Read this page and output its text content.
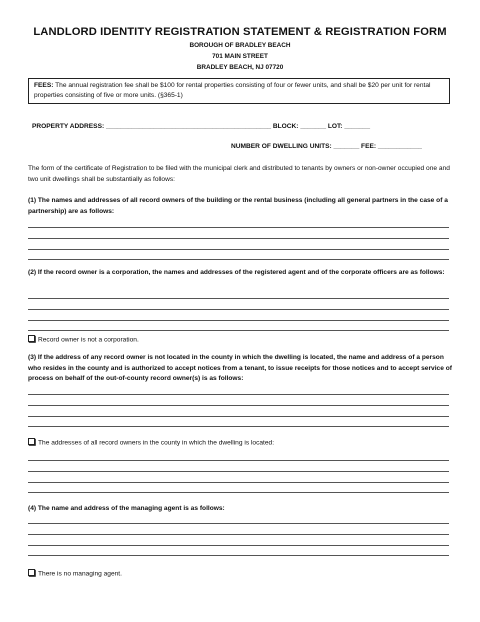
LANDLORD IDENTITY REGISTRATION STATEMENT & REGISTRATION FORM
BOROUGH OF BRADLEY BEACH
701 MAIN STREET
BRADLEY BEACH, NJ 07720
FEES: The annual registration fee shall be $100 for rental properties consisting of four or fewer units, and shall be $20 per unit for rental properties consisting of five or more units. (§365-1)
PROPERTY ADDRESS: _____________________________________________ BLOCK: _______ LOT: _______
NUMBER OF DWELLING UNITS: _______ FEE: ____________
The form of the certificate of Registration to be filed with the municipal clerk and distributed to tenants by owners or non-owner occupied one and two unit dwellings shall be substantially as follows:
(1) The names and addresses of all record owners of the building or the rental business (including all general partners in the case of a partnership) are as follows:
(2) If the record owner is a corporation, the names and addresses of the registered agent and of the corporate officers are as follows:
Record owner is not a corporation.
(3) If the address of any record owner is not located in the county in which the dwelling is located, the name and address of a person who resides in the county and is authorized to accept notices from a tenant, to issue receipts for those notices and to accept service of process on behalf of the out-of-county record owner(s) is as follows:
The addresses of all record owners in the county in which the dwelling is located:
(4) The name and address of the managing agent is as follows:
There is no managing agent.
